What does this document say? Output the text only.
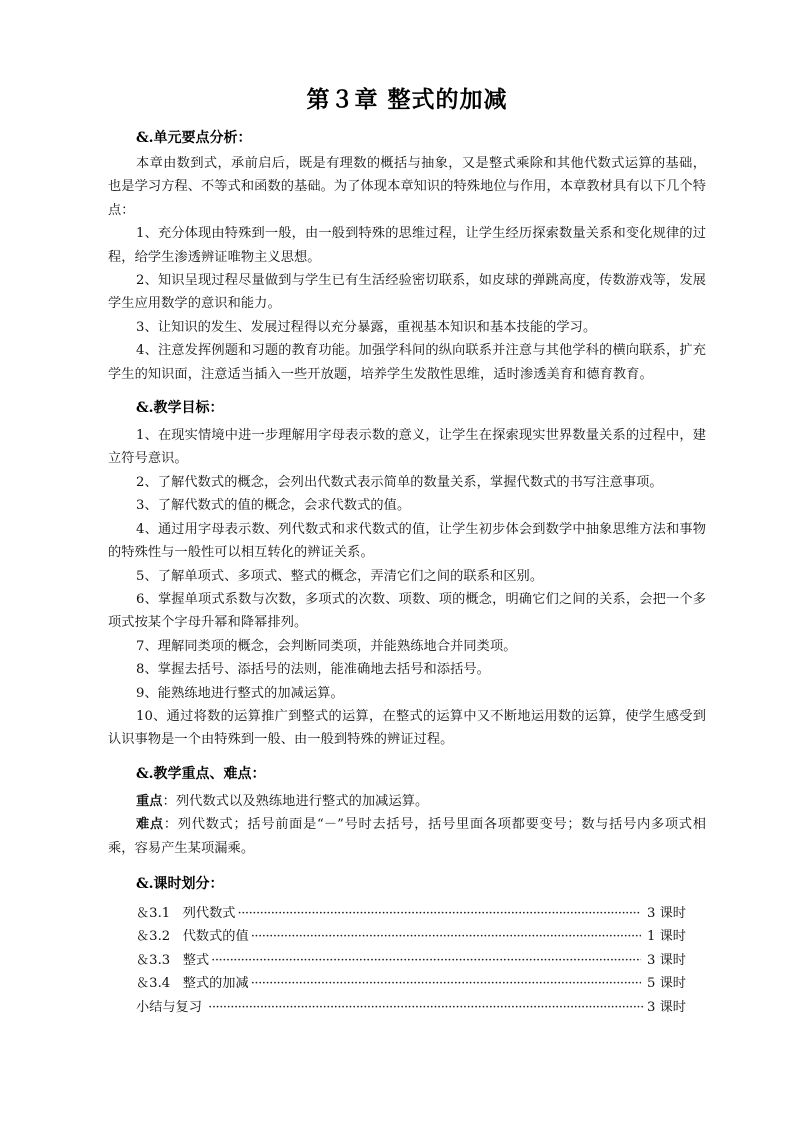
第３章 整式的加减

&.单元要点分析：

本章由数到式，承前启后，既是有理数的概括与抽象，又是整式乘除和其他代数式运算的基础，也是学习方程、不等式和函数的基础。为了体现本章知识的特殊地位与作用，本章教材具有以下几个特点：

1、充分体现由特殊到一般，由一般到特殊的思维过程，让学生经历探索数量关系和变化规律的过程，给学生渗透辨证唯物主义思想。

2、知识呈现过程尽量做到与学生已有生活经验密切联系，如皮球的弹跳高度，传数游戏等，发展学生应用数学的意识和能力。

3、让知识的发生、发展过程得以充分暴露，重视基本知识和基本技能的学习。

4、注意发挥例题和习题的教育功能。加强学科间的纵向联系并注意与其他学科的横向联系，扩充学生的知识面，注意适当插入一些开放题，培养学生发散性思维，适时渗透美育和德育教育。

&.教学目标：

1、在现实情境中进一步理解用字母表示数的意义，让学生在探索现实世界数量关系的过程中，建立符号意识。

2、了解代数式的概念，会列出代数式表示简单的数量关系，掌握代数式的书写注意事项。

3、了解代数式的值的概念，会求代数式的值。

4、通过用字母表示数、列代数式和求代数式的值，让学生初步体会到数学中抽象思维方法和事物的特殊性与一般性可以相互转化的辨证关系。

5、了解单项式、多项式、整式的概念，弄清它们之间的联系和区别。

6、掌握单项式系数与次数，多项式的次数、项数、项的概念，明确它们之间的关系，会把一个多项式按某个字母升幂和降幂排列。

7、理解同类项的概念，会判断同类项，并能熟练地合并同类项。

8、掌握去括号、添括号的法则，能准确地去括号和添括号。

9、能熟练地进行整式的加减运算。

10、通过将数的运算推广到整式的运算，在整式的运算中又不断地运用数的运算，使学生感受到认识事物是一个由特殊到一般、由一般到特殊的辨证过程。

&.教学重点、难点：

重点：列代数式以及熟练地进行整式的加减运算。

难点：列代数式；括号前面是“－”号时去括号，括号里面各项都要变号；数与括号内多项式相乘，容易产生某项漏乘。

&.课时划分：

＆3.1 列代数式 ·····	3 课时
＆3.2 代数式的值 ·····	1 课时
＆3.3 整式 ·····	3 课时
＆3.4 整式的加减 ·····	5 课时
小结与复习 ·····	3 课时
